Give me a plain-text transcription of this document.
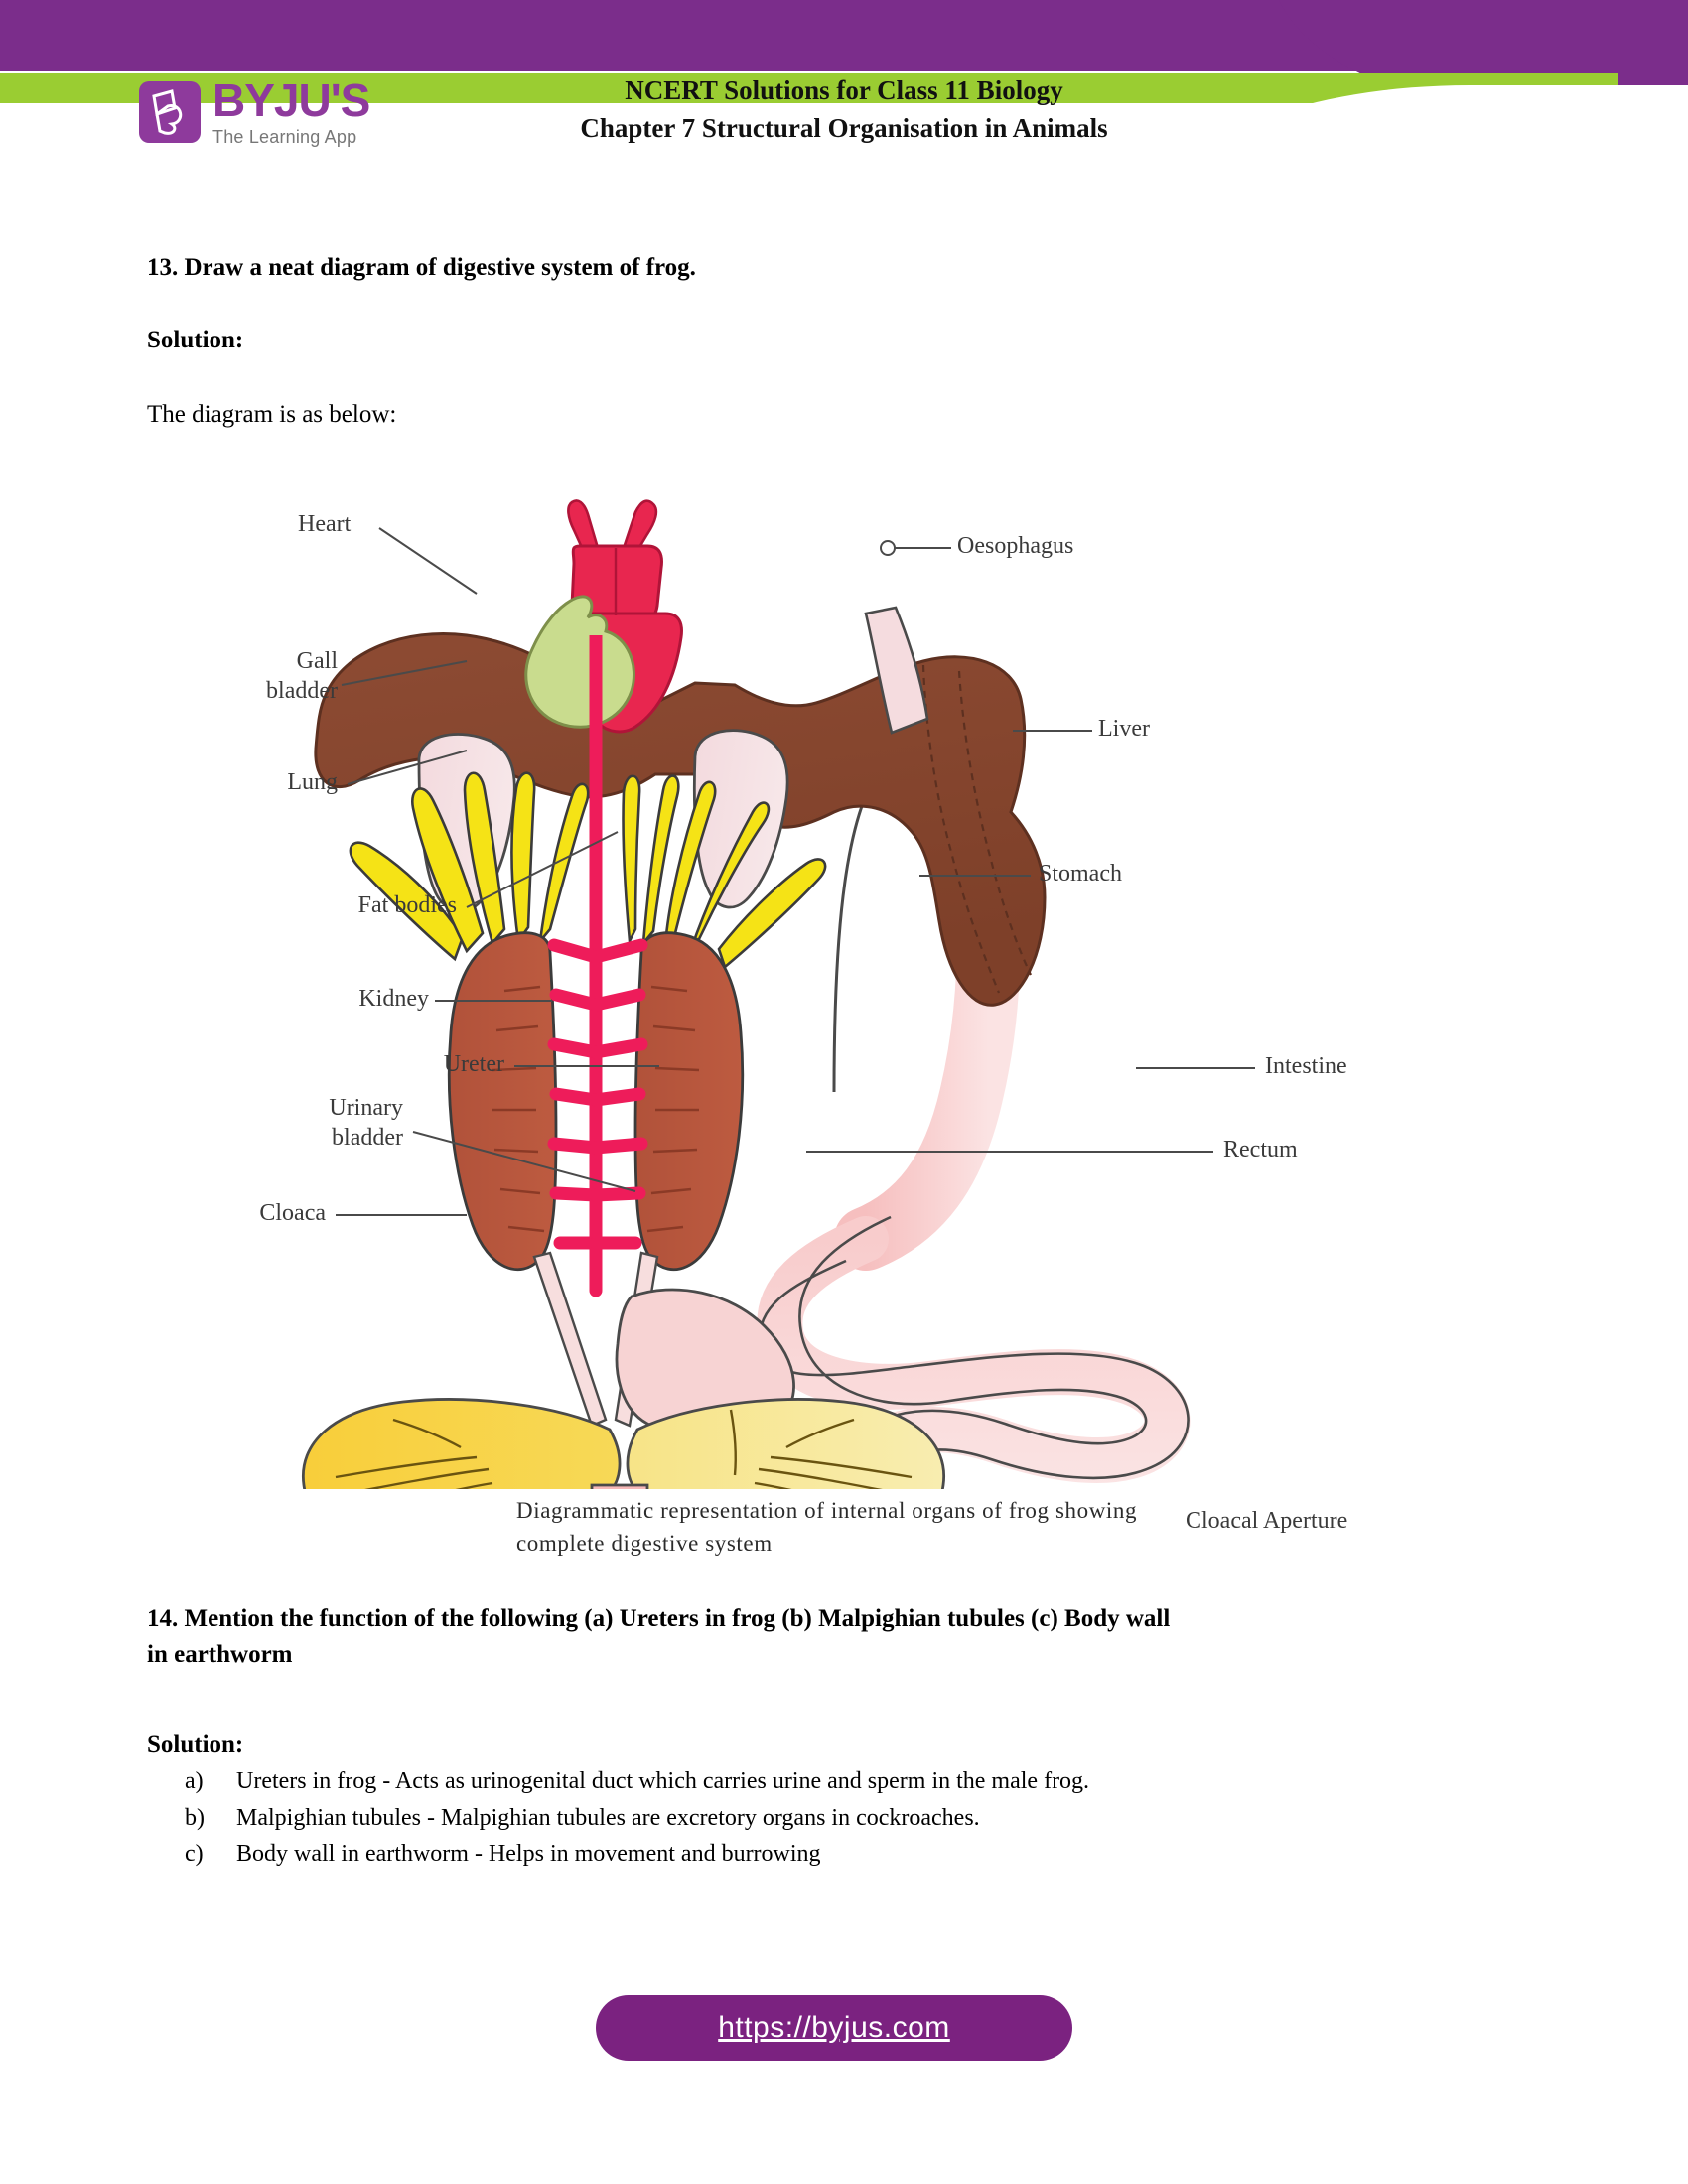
BYJU'S
The Learning App
NCERT Solutions for Class 11 Biology
Chapter 7 Structural Organisation in Animals
13. Draw a neat diagram of digestive system of frog.
Solution:
The diagram is as below:
Heart
Oesophagus
Liver
Gall
bladder
Lung
Fat bodies
Kidney
Stomach
Ureter	Intestine
Urinary
bladder	Rectum
Cloaca
Cloacal Aperture
Diagrammatic representation of internal organs of frog showing
complete digestive system
14. Mention the function of the following (a) Ureters in frog (b) Malpighian tubules (c) Body wall
in earthworm
Solution:
a)	Ureters in frog - Acts as urinogenital duct which carries urine and sperm in the male frog.
b)	Malpighian tubules - Malpighian tubules are excretory organs in cockroaches.
c)	Body wall in earthworm - Helps in movement and burrowing
https://byjus.com
